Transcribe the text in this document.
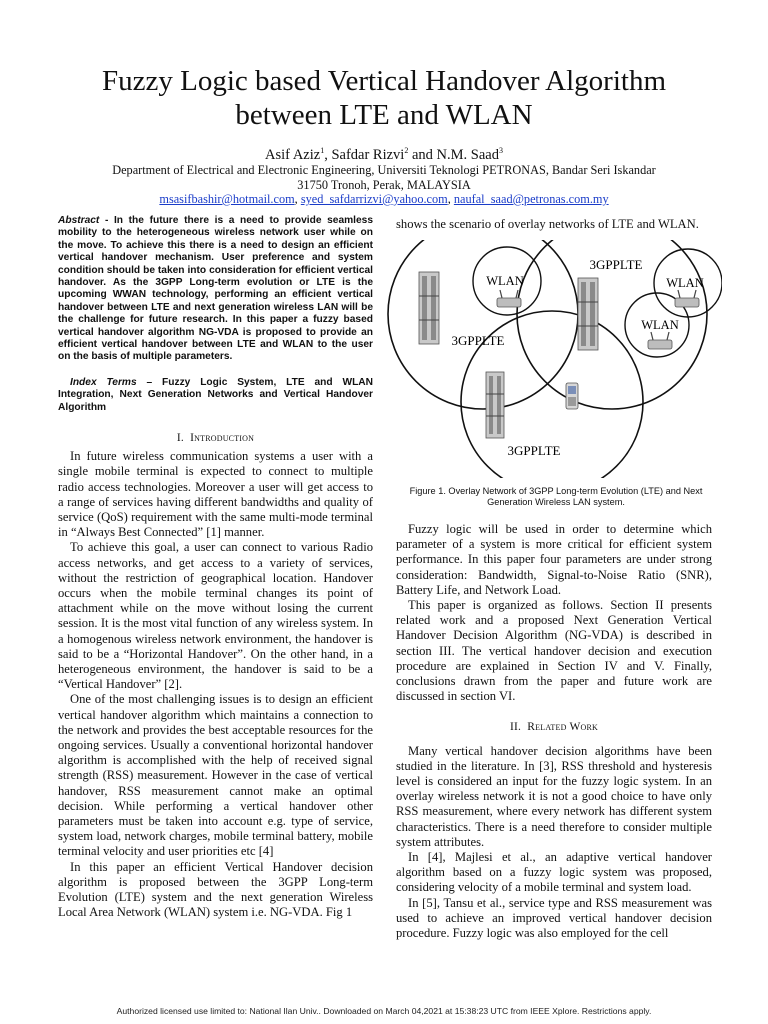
Fuzzy Logic based Vertical Handover Algorithm
between LTE and WLAN
Asif Aziz$^1$, Safdar Rizvi$^2$ and N.M. Saad$^3$
Department of Electrical and Electronic Engineering, Universiti Teknologi PETRONAS, Bandar Seri Iskandar
31750 Tronoh, Perak, MALAYSIA
msasifbashir@hotmail.com, syed_safdarrizvi@yahoo.com, naufal_saad@petronas.com.my
Abstract - In the future there is a need to provide seamless mobility to the heterogeneous wireless network user while on the move. To achieve this there is a need to design an efficient vertical handover mechanism. User preference and system condition should be taken into consideration for efficient vertical handover. As the 3GPP Long-term evolution or LTE is the upcoming WWAN technology, performing an efficient vertical handover between LTE and next generation wireless LAN will be the challenge for future research. In this paper a fuzzy based vertical handover algorithm NG-VDA is proposed to provide an efficient vertical handover between LTE and WLAN to the user on the basis of multiple parameters.
Index Terms – Fuzzy Logic System, LTE and WLAN Integration, Next Generation Networks and Vertical Handover Algorithm
I. Introduction

In future wireless communication systems a user with a single mobile terminal is expected to connect to multiple radio access technologies. Moreover a user will get access to a range of services having different bandwidths and quality of service (QoS) requirement with the same multi-mode terminal in “Always Best Connected” [1] manner.

To achieve this goal, a user can connect to various Radio access networks, and get access to a variety of services, without the restriction of geographical location. Handover occurs when the mobile terminal changes its point of attachment while on the move without losing the current session. It is the most vital function of any wireless system. In a homogenous wireless network environment, the handover is said to be a “Horizontal Handover”. On the other hand, in a heterogeneous environment, the handover is said to be a “Vertical Handover” [2].

One of the most challenging issues is to design an efficient vertical handover algorithm which maintains a connection to the network and provides the best acceptable resources for the ongoing services. Usually a conventional horizontal handover algorithm is accomplished with the help of received signal strength (RSS) measurement. However in the case of vertical handover, RSS measurement cannot make an optimal decision. While performing a vertical handover other parameters must be taken into account e.g. type of service, system load, network charges, mobile terminal battery, mobile terminal velocity and user priorities etc [4]

In this paper an efficient Vertical Handover decision algorithm is proposed between the 3GPP Long-term Evolution (LTE) system and the next generation Wireless Local Area Network (WLAN) system i.e. NG-VDA. Fig 1

shows the scenario of overlay networks of LTE and WLAN.

3GPPLTE
3GPPLTE
3GPPLTE
WLAN	WLAN
WLAN
Figure 1. Overlay Network of 3GPP Long-term Evolution (LTE) and Next
Generation Wireless LAN system.

Fuzzy logic will be used in order to determine which parameter of a system is more critical for efficient system performance. In this paper four parameters are under strong consideration: Bandwidth, Signal-to-Noise Ratio (SNR), Battery Life, and Network Load.

This paper is organized as follows. Section II presents related work and a proposed Next Generation Vertical Handover Decision Algorithm (NG-VDA) is described in section III. The vertical handover decision and execution procedure are explained in Section IV and V. Finally, conclusions drawn from the paper and future work are discussed in section VI.

II. Related Work

Many vertical handover decision algorithms have been studied in the literature. In [3], RSS threshold and hysteresis level is considered an input for the fuzzy logic system. In an overlay wireless network it is not a good choice to have only RSS measurement, where every network has different system characteristics. There is a need therefore to consider multiple system attributes.

In [4], Majlesi et al., an adaptive vertical handover algorithm based on a fuzzy logic system was proposed, considering velocity of a mobile terminal and system load.

In [5], Tansu et al., service type and RSS measurement was used to achieve an improved vertical handover decision procedure. Fuzzy logic was also employed for the cell

Authorized licensed use limited to: National Ilan Univ.. Downloaded on March 04,2021 at 15:38:23 UTC from IEEE Xplore. Restrictions apply.
